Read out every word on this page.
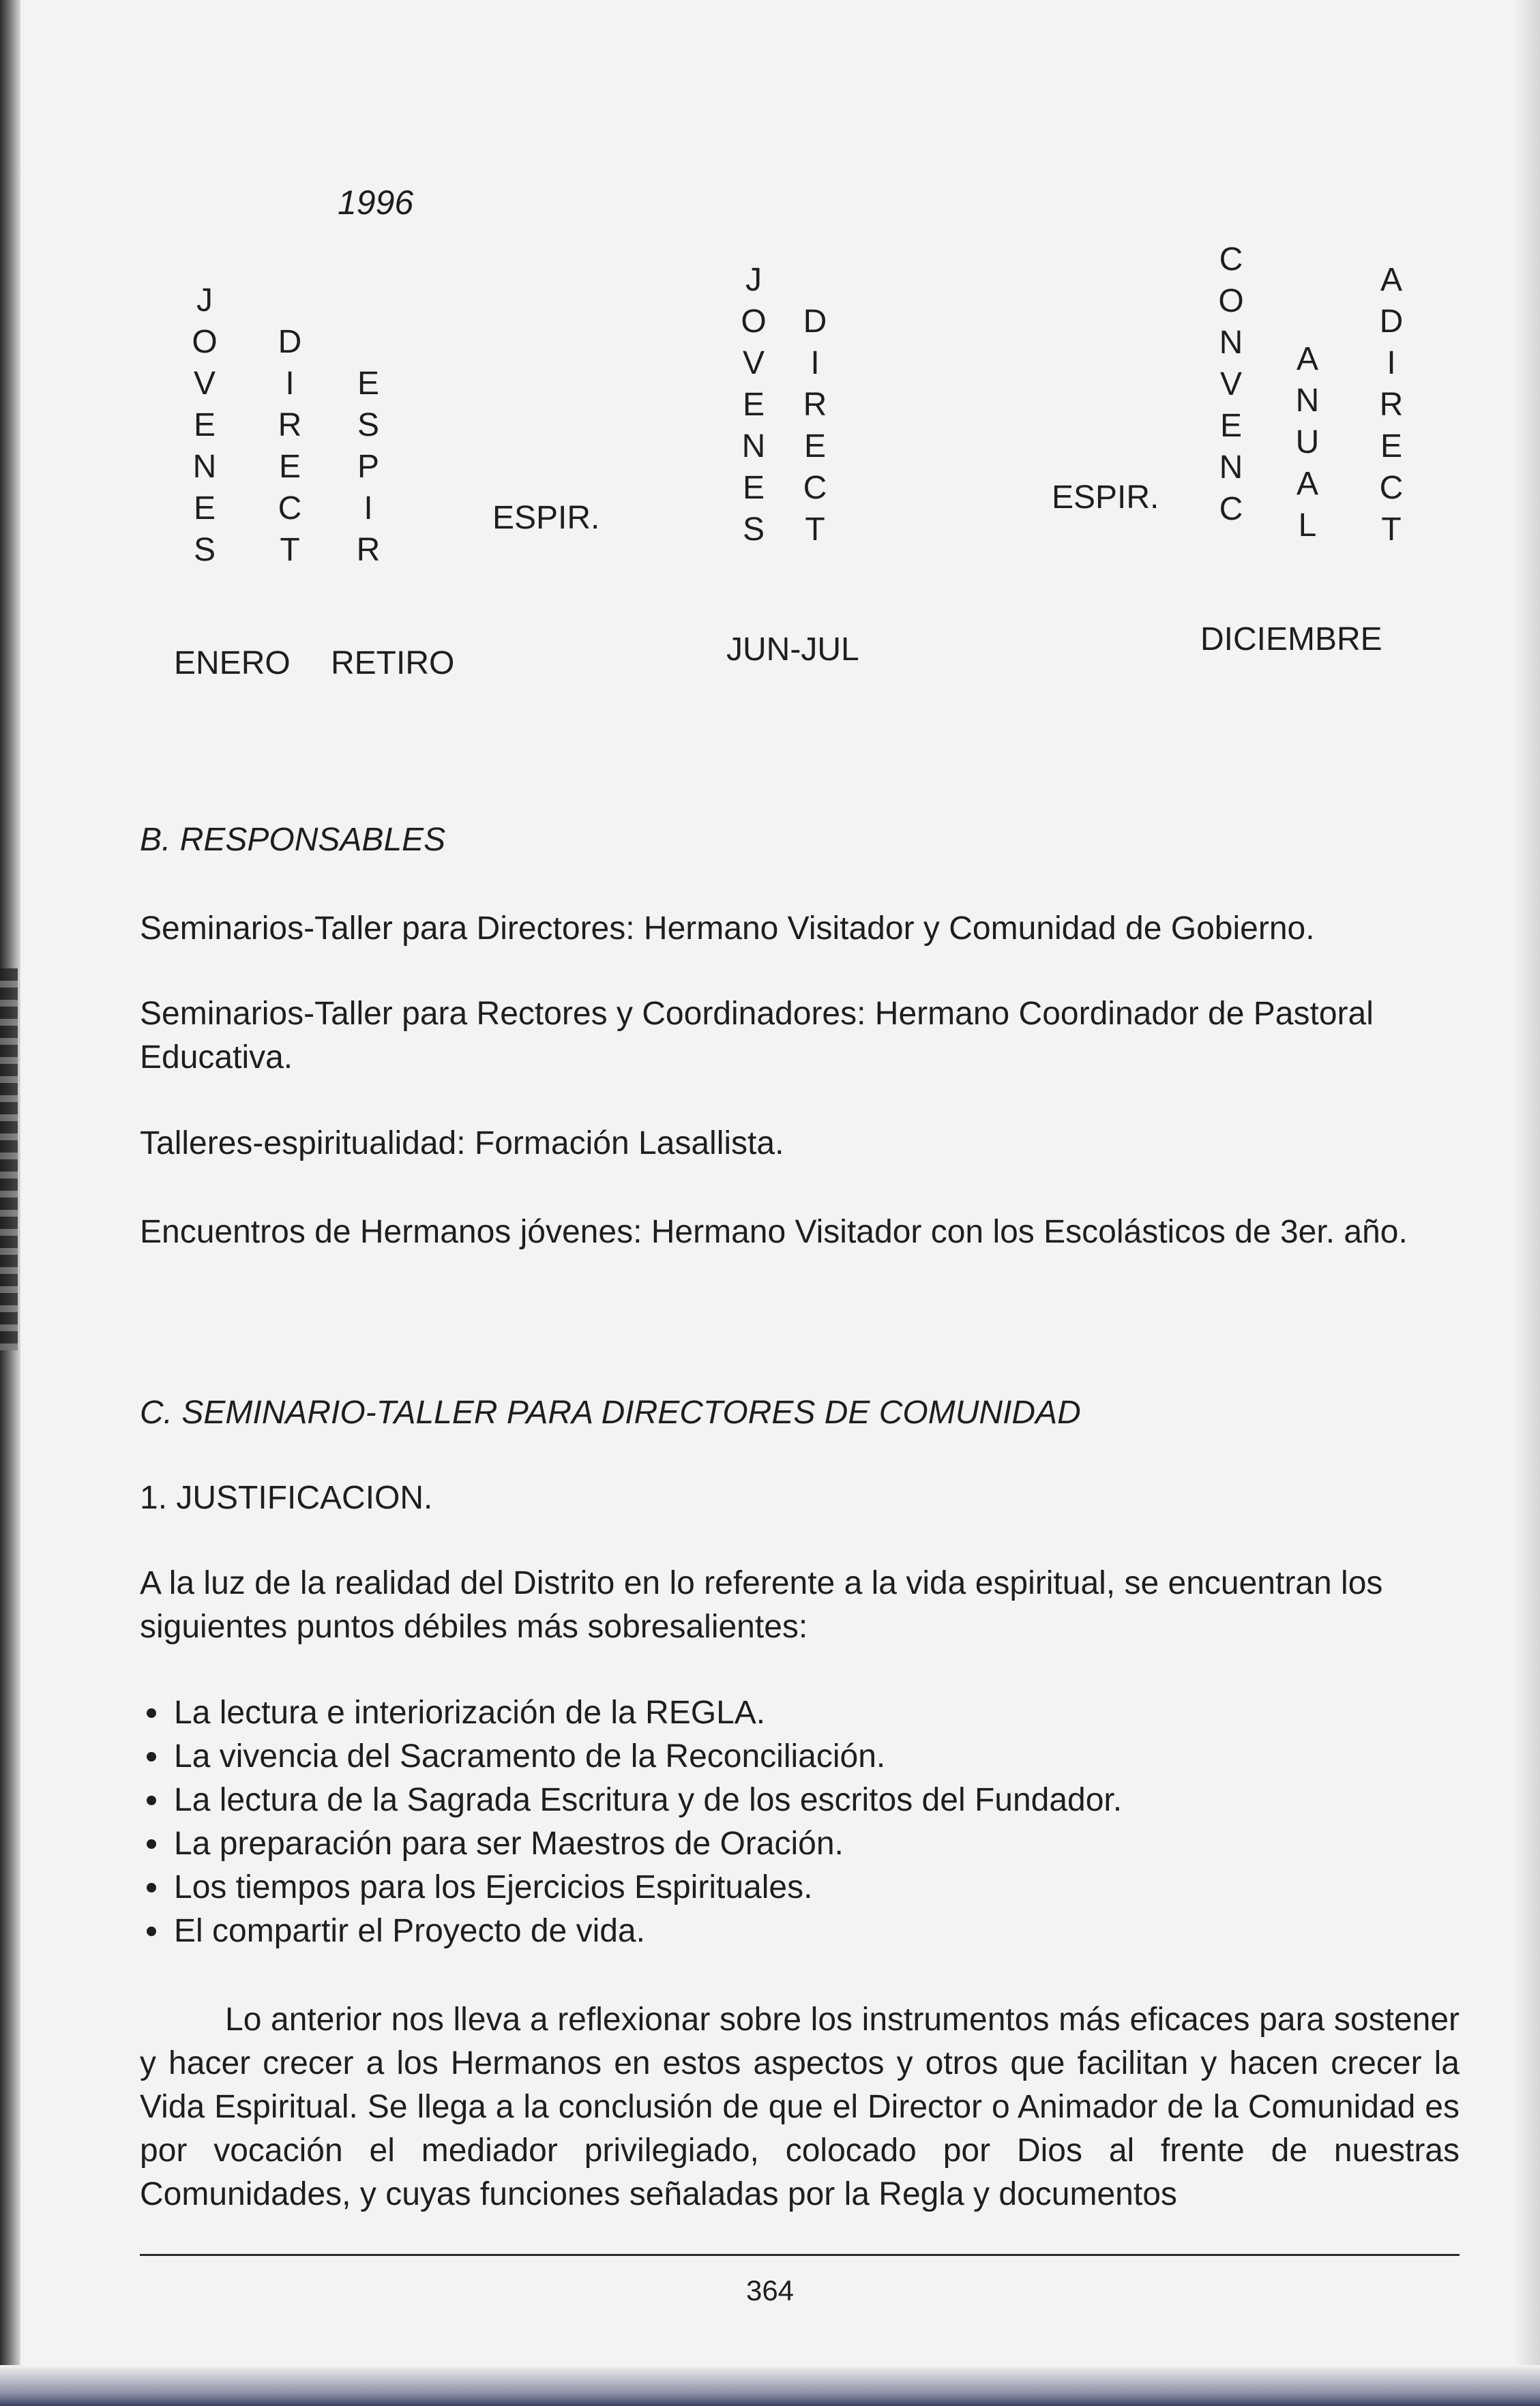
1996
J
O
V
E
N
E
S
D
I
R
E
C
T
E
S
P
I
R
ESPIR.
J
O
V
E
N
E
S
D
I
R
E
C
T
ESPIR.
C
O
N
V
E
N
C
A
N
U
A
L
A
D
I
R
E
C
T
ENERO RETIRO	JUN-JUL	DICIEMBRE
B. RESPONSABLES
Seminarios-Taller para Directores: Hermano Visitador y Comunidad de Gobierno.
Seminarios-Taller para Rectores y Coordinadores: Hermano Coordinador de Pastoral Educativa.
Talleres-espiritualidad: Formación Lasallista.
Encuentros de Hermanos jóvenes: Hermano Visitador con los Escolásticos de 3er. año.
C. SEMINARIO-TALLER PARA DIRECTORES DE COMUNIDAD
1. JUSTIFICACION.
A la luz de la realidad del Distrito en lo referente a la vida espiritual, se encuentran los siguientes puntos débiles más sobresalientes:
La lectura e interiorización de la REGLA.
La vivencia del Sacramento de la Reconciliación.
La lectura de la Sagrada Escritura y de los escritos del Fundador.
La preparación para ser Maestros de Oración.
Los tiempos para los Ejercicios Espirituales.
El compartir el Proyecto de vida.
Lo anterior nos lleva a reflexionar sobre los instrumentos más eficaces para sostener y hacer crecer a los Hermanos en estos aspectos y otros que facilitan y hacen crecer la Vida Espiritual. Se llega a la conclusión de que el Director o Animador de la Comunidad es por vocación el mediador privilegiado, colocado por Dios al frente de nuestras Comunidades, y cuyas funciones señaladas por la Regla y documentos
364
